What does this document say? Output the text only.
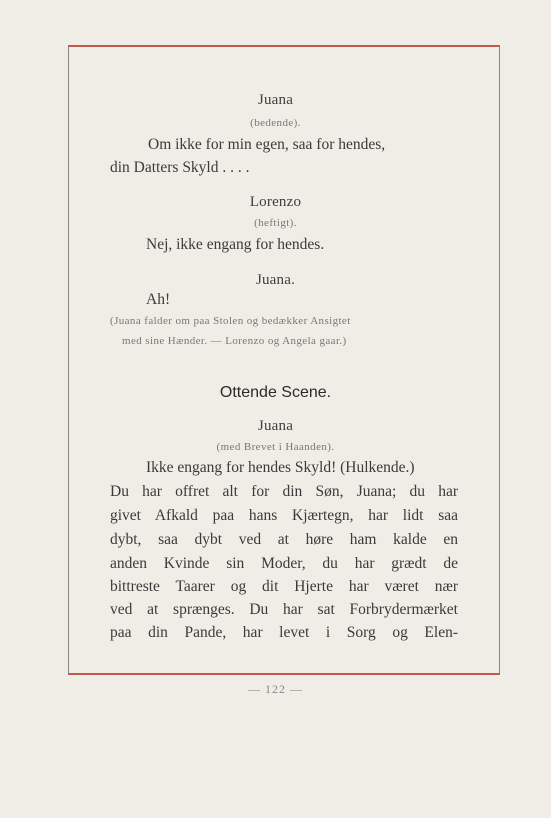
Juana
(bedende).
Om ikke for min egen, saa for hendes,
din Datters Skyld . . . .
Lorenzo
(heftigt).
Nej, ikke engang for hendes.
Juana.
Ah!
(Juana falder om paa Stolen og bedækker Ansigtet
med sine Hænder. — Lorenzo og Angela gaar.)
Ottende Scene.
Juana
(med Brevet i Haanden).
Ikke engang for hendes Skyld! (Hulkende.)
Du har offret alt for din Søn, Juana; du har
givet Afkald paa hans Kjærtegn, har lidt saa
dybt, saa dybt ved at høre ham kalde en
anden Kvinde sin Moder, du har grædt de
bittreste Taarer og dit Hjerte har været nær
ved at sprænges. Du har sat Forbrydermærket
paa din Pande, har levet i Sorg og Elen-
— 122 —
